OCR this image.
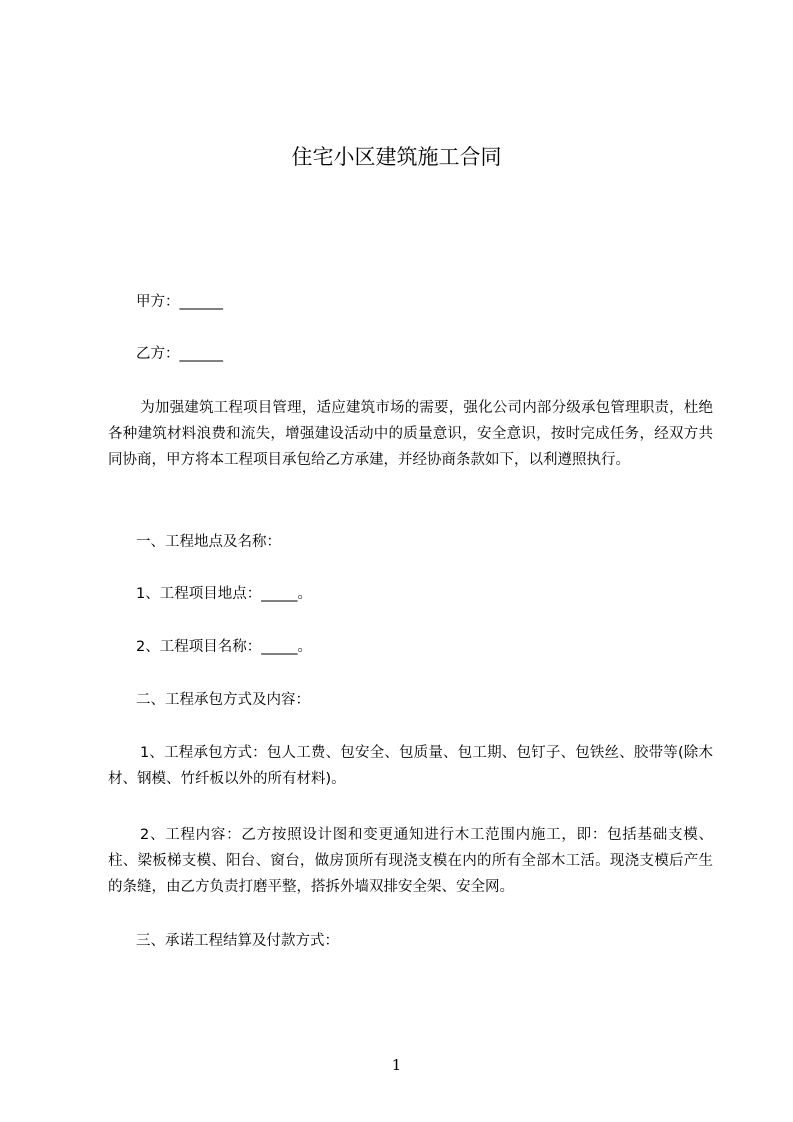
住宅小区建筑施工合同

甲方：______

乙方：______

为加强建筑工程项目管理，适应建筑市场的需要，强化公司内部分级承包管理职责，杜绝各种建筑材料浪费和流失，增强建设活动中的质量意识，安全意识，按时完成任务，经双方共同协商，甲方将本工程项目承包给乙方承建，并经协商条款如下，以利遵照执行。

一、工程地点及名称：

1、工程项目地点：_____。

2、工程项目名称：_____。

二、工程承包方式及内容：

1、工程承包方式：包人工费、包安全、包质量、包工期、包钉子、包铁丝、胶带等(除木材、钢模、竹纤板以外的所有材料)。

2、工程内容：乙方按照设计图和变更通知进行木工范围内施工，即：包括基础支模、柱、梁板梯支模、阳台、窗台，做房顶所有现浇支模在内的所有全部木工活。现浇支模后产生的条缝，由乙方负责打磨平整，搭拆外墙双排安全架、安全网。

三、承诺工程结算及付款方式：

1
